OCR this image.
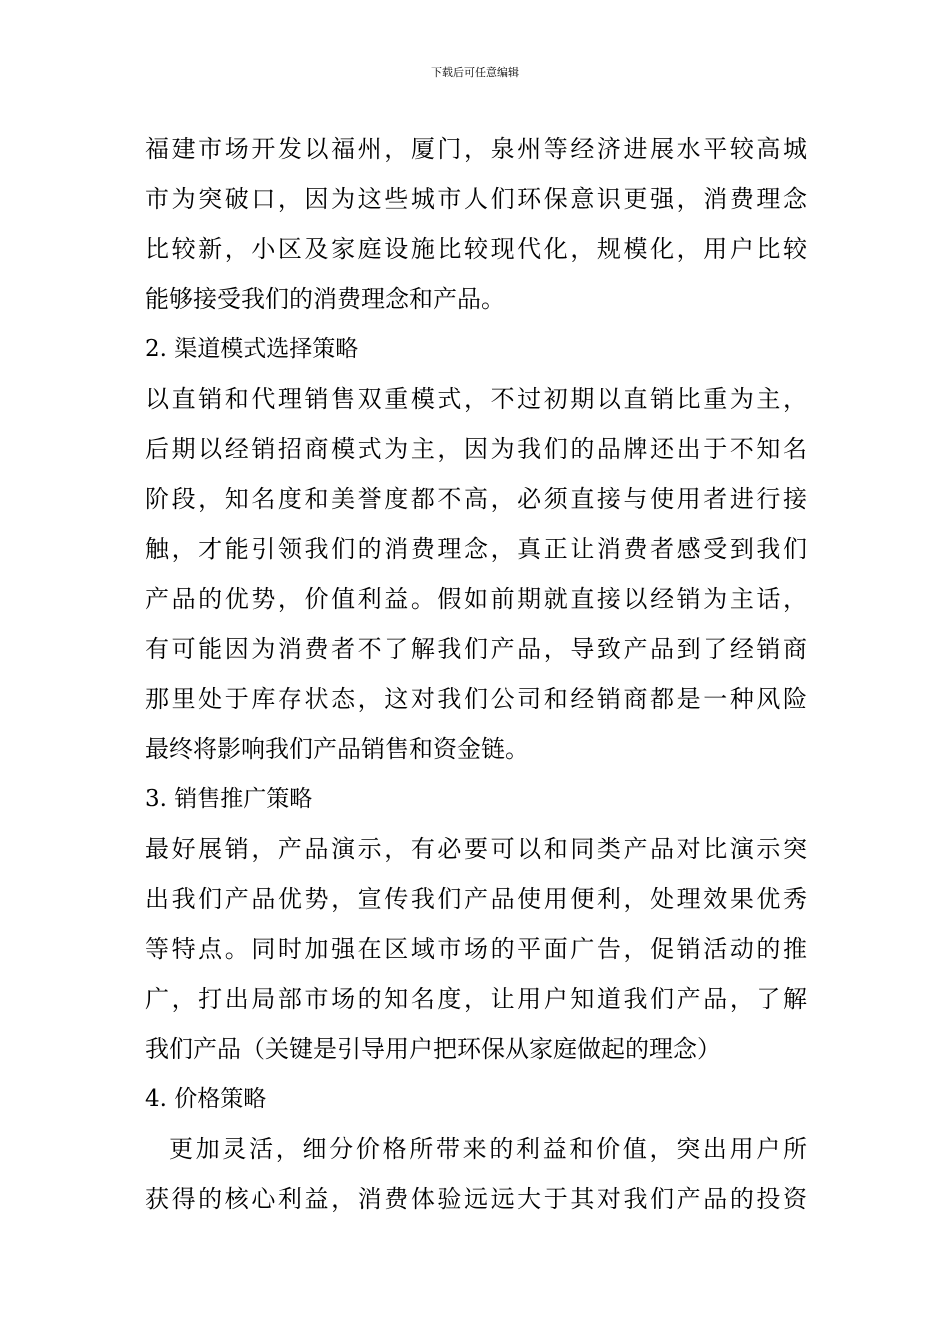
下载后可任意编辑
福建市场开发以福州，厦门，泉州等经济进展水平较高城
市为突破口，因为这些城市人们环保意识更强，消费理念
比较新，小区及家庭设施比较现代化，规模化，用户比较
能够接受我们的消费理念和产品。
2. 渠道模式选择策略
以直销和代理销售双重模式，不过初期以直销比重为主，
后期以经销招商模式为主，因为我们的品牌还出于不知名
阶段，知名度和美誉度都不高，必须直接与使用者进行接
触，才能引领我们的消费理念，真正让消费者感受到我们
产品的优势，价值利益。假如前期就直接以经销为主话，
有可能因为消费者不了解我们产品，导致产品到了经销商
那里处于库存状态，这对我们公司和经销商都是一种风险
最终将影响我们产品销售和资金链。
3. 销售推广策略
最好展销，产品演示，有必要可以和同类产品对比演示突
出我们产品优势，宣传我们产品使用便利，处理效果优秀
等特点。同时加强在区域市场的平面广告，促销活动的推
广，打出局部市场的知名度，让用户知道我们产品，了解
我们产品（关键是引导用户把环保从家庭做起的理念）
4. 价格策略
更加灵活，细分价格所带来的利益和价值，突出用户所
获得的核心利益，消费体验远远大于其对我们产品的投资
